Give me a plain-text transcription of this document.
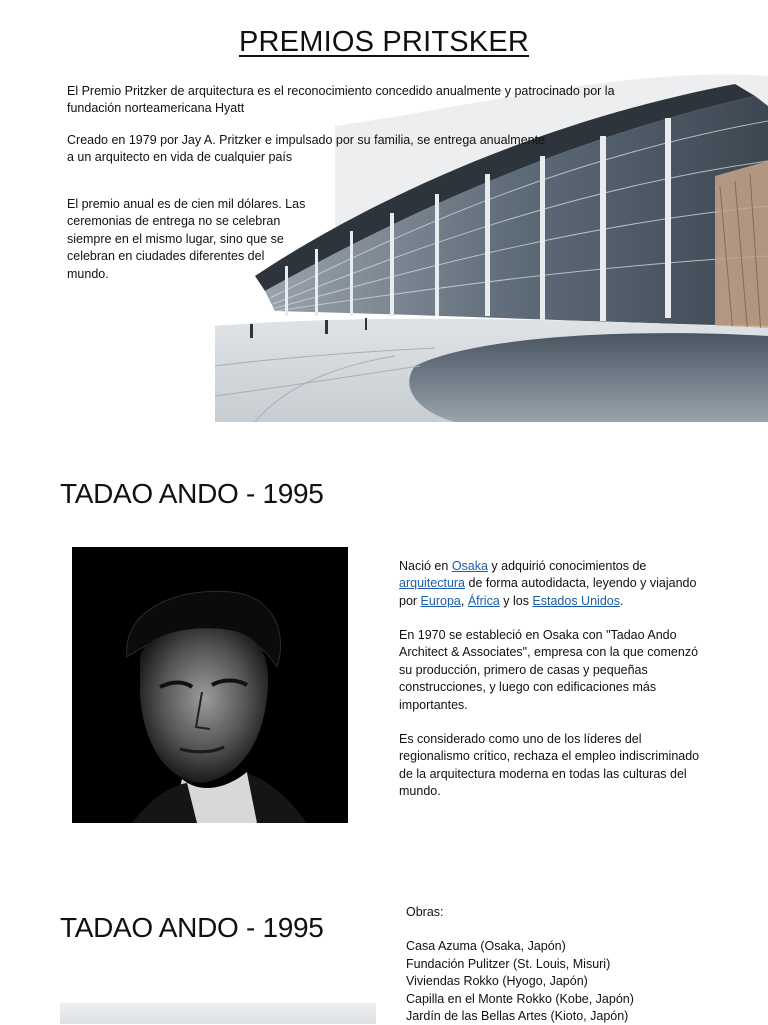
PREMIOS PRITSKER
El Premio Pritzker de arquitectura es el reconocimiento concedido anualmente y patrocinado por la fundación norteamericana Hyatt
Creado en 1979 por Jay A. Pritzker e impulsado por su familia, se entrega anualmente
a un arquitecto en vida de cualquier país
El premio anual es de cien mil dólares. Las
ceremonias de entrega no se celebran
siempre en el mismo lugar, sino que se
celebran en ciudades diferentes del
mundo.
TADAO ANDO - 1995
Nació en Osaka y adquirió conocimientos de
arquitectura de forma autodidacta, leyendo y viajando
por Europa, África y los Estados Unidos.
En 1970 se estableció en Osaka con "Tadao Ando
Architect & Associates", empresa con la que comenzó
su producción, primero de casas y pequeñas
construcciones, y luego con edificaciones más
importantes.
Es considerado como uno de los líderes del
regionalismo crítico, rechaza el empleo indiscriminado
de la arquitectura moderna en todas las culturas del
mundo.
TADAO ANDO - 1995	Obras:
Casa Azuma (Osaka, Japón)
Fundación Pulitzer (St. Louis, Misuri)
Viviendas Rokko (Hyogo, Japón)
Capilla en el Monte Rokko (Kobe, Japón)
Jardín de las Bellas Artes (Kioto, Japón)
